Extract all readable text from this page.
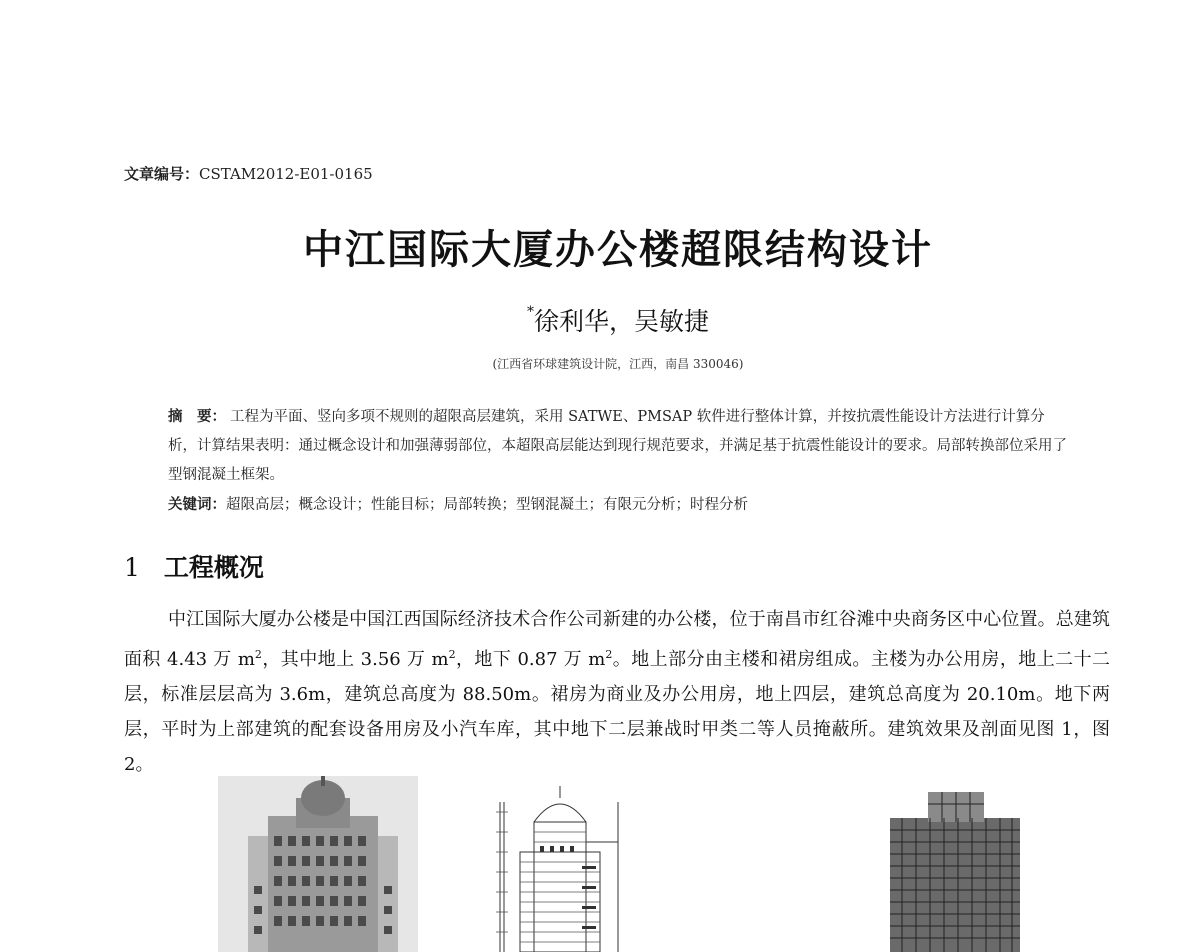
文章编号：CSTAM2012-E01-0165
中江国际大厦办公楼超限结构设计
*徐利华，吴敏捷
(江西省环球建筑设计院，江西，南昌 330046)
摘　要： 工程为平面、竖向多项不规则的超限高层建筑，采用 SATWE、PMSAP 软件进行整体计算，并按抗震性能设计方法进行计算分析，计算结果表明：通过概念设计和加强薄弱部位，本超限高层能达到现行规范要求，并满足基于抗震性能设计的要求。局部转换部位采用了型钢混凝土框架。
关键词：超限高层；概念设计；性能目标；局部转换；型钢混凝土；有限元分析；时程分析
1 工程概况

中江国际大厦办公楼是中国江西国际经济技术合作公司新建的办公楼，位于南昌市红谷滩中央商务区中心位置。总建筑面积 4.43 万 $m^2$，其中地上 3.56 万 $m^2$，地下 0.87 万 $m^2$。地上部分由主楼和裙房组成。主楼为办公用房，地上二十二层，标准层层高为 3.6m，建筑总高度为 88.50m。裙房为商业及办公用房，地上四层，建筑总高度为 20.10m。地下两层，平时为上部建筑的配套设备用房及小汽车库，其中地下二层兼战时甲类二等人员掩蔽所。建筑效果及剖面见图 1，图 2。
